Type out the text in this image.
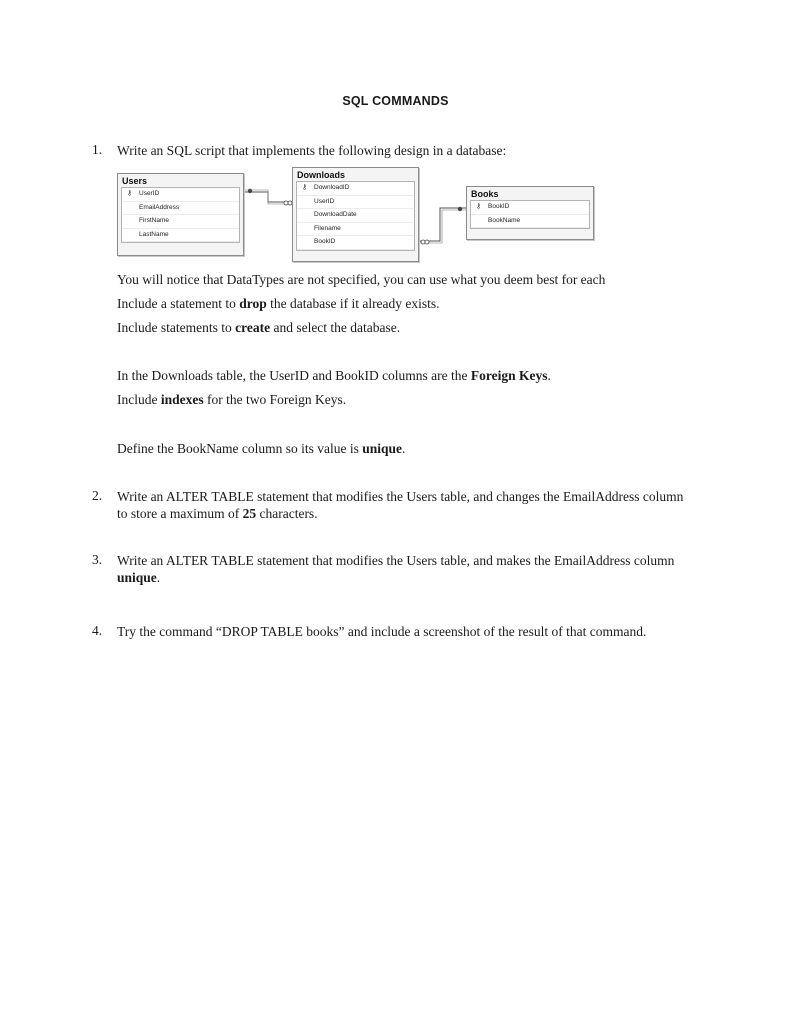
SQL COMMANDS
1. Write an SQL script that implements the following design in a database:
Users
⚷ UserID
EmailAddress
FirstName
LastName
Downloads
⚷ DownloadID
UserID
DownloadDate
Filename
BookID
Books
⚷ BookID
BookName
You will notice that DataTypes are not specified, you can use what you deem best for each
Include a statement to drop the database if it already exists.
Include statements to create and select the database.
In the Downloads table, the UserID and BookID columns are the Foreign Keys.
Include indexes for the two Foreign Keys.
Define the BookName column so its value is unique.
2. Write an ALTER TABLE statement that modifies the Users table, and changes the EmailAddress column to store a maximum of 25 characters.
3. Write an ALTER TABLE statement that modifies the Users table, and makes the EmailAddress column unique.
4. Try the command “DROP TABLE books” and include a screenshot of the result of that command.
